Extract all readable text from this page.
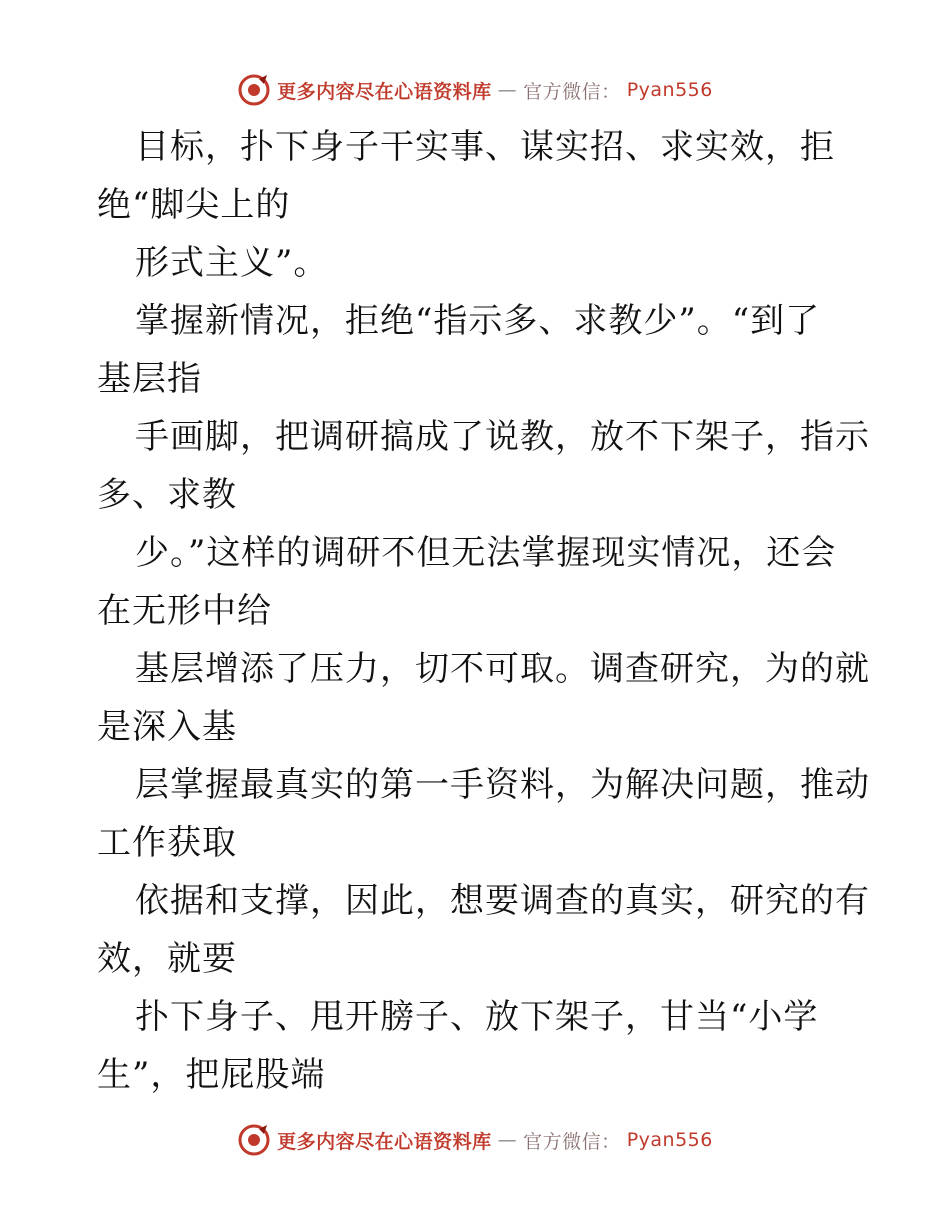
更多内容尽在心语资料库 — 官方微信： Pyan556
目标，扑下身子干实事、谋实招、求实效，拒
绝“脚尖上的
形式主义”。
掌握新情况，拒绝“指示多、求教少”。“到了
基层指
手画脚，把调研搞成了说教，放不下架子，指示
多、求教
少。”这样的调研不但无法掌握现实情况，还会
在无形中给
基层增添了压力，切不可取。调查研究，为的就
是深入基
层掌握最真实的第一手资料，为解决问题，推动
工作获取
依据和支撑，因此，想要调查的真实，研究的有
效，就要
扑下身子、甩开膀子、放下架子，甘当“小学
生”，把屁股端
更多内容尽在心语资料库 — 官方微信： Pyan556
